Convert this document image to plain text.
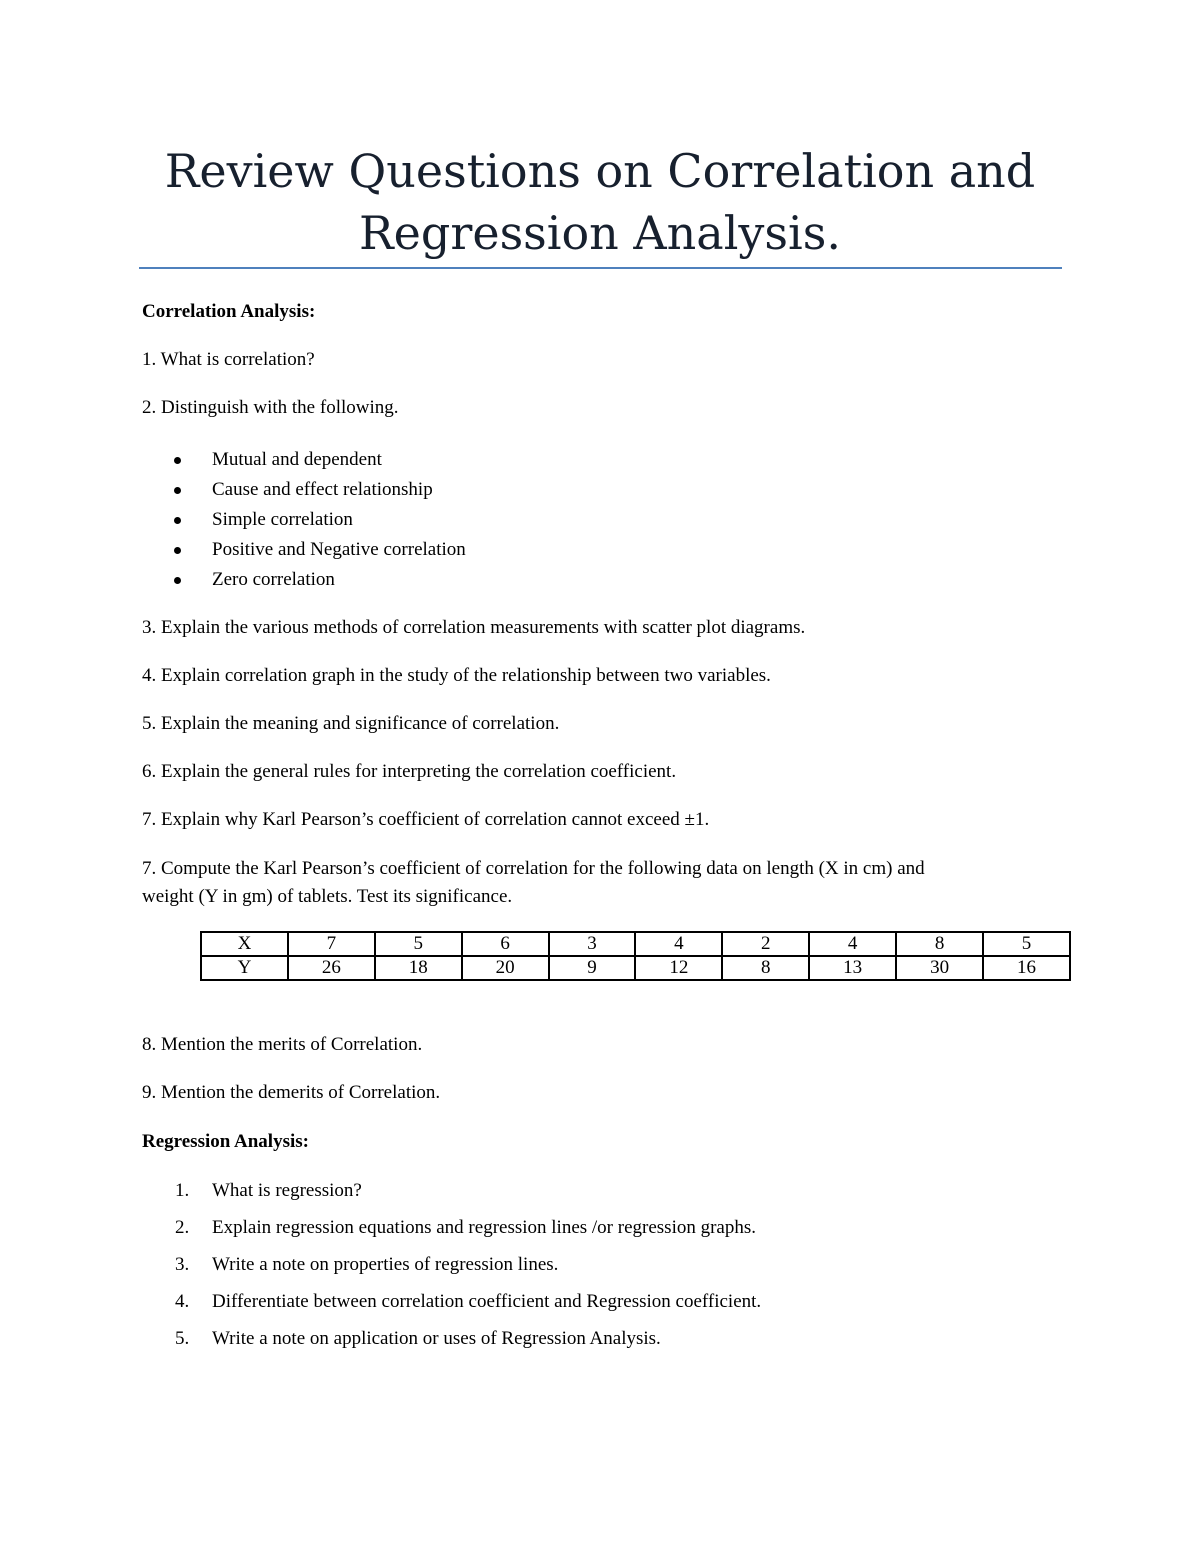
Review Questions on Correlation and
Regression Analysis.
Correlation Analysis:
1. What is correlation?
2. Distinguish with the following.
Mutual and dependent
Cause and effect relationship
Simple correlation
Positive and Negative correlation
Zero correlation
3. Explain the various methods of correlation measurements with scatter plot diagrams.
4. Explain correlation graph in the study of the relationship between two variables.
5. Explain the meaning and significance of correlation.
6. Explain the general rules for interpreting the correlation coefficient.
7. Explain why Karl Pearson’s coefficient of correlation cannot exceed ±1.
7. Compute the Karl Pearson’s coefficient of correlation for the following data on length (X in cm) and
weight (Y in gm) of tablets. Test its significance.
X	7	5	6	3	4	2	4	8	5
Y	26	18	20	9	12	8	13	30	16
8. Mention the merits of Correlation.
9. Mention the demerits of Correlation.
Regression Analysis:
1. What is regression?
2. Explain regression equations and regression lines /or regression graphs.
3. Write a note on properties of regression lines.
4. Differentiate between correlation coefficient and Regression coefficient.
5. Write a note on application or uses of Regression Analysis.
